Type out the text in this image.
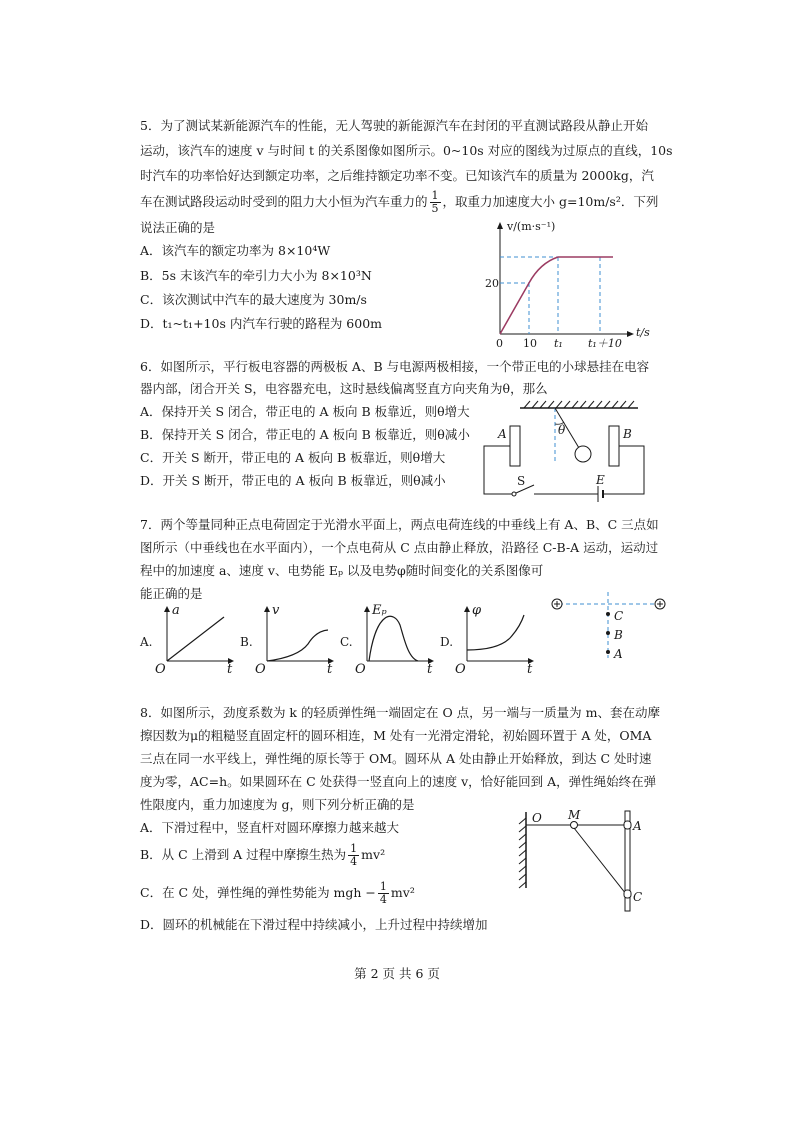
5．为了测试某新能源汽车的性能，无人驾驶的新能源汽车在封闭的平直测试路段从静止开始
运动，该汽车的速度 v 与时间 t 的关系图像如图所示。0~10s 对应的图线为过原点的直线，10s
时汽车的功率恰好达到额定功率，之后维持额定功率不变。已知该汽车的质量为 2000kg，汽
车在测试路段运动时受到的阻力大小恒为汽车重力的 $\frac{1}{5}$ ，取重力加速度大小 g=10m/s²．下列
说法正确的是
A．该汽车的额定功率为 8×10⁴W
B．5s 末该汽车的牵引力大小为 8×10³N
C．该次测试中汽车的最大速度为 30m/s
D．t₁~t₁+10s 内汽车行驶的路程为 600m
v/(m·s⁻¹)
t/s
20
0 10 t₁ t₁＋10
6．如图所示，平行板电容器的两极板 A、B 与电源两极相接，一个带正电的小球悬挂在电容
器内部，闭合开关 S，电容器充电，这时悬线偏离竖直方向夹角为θ，那么
A．保持开关 S 闭合，带正电的 A 板向 B 板靠近，则θ增大
B．保持开关 S 闭合，带正电的 A 板向 B 板靠近，则θ减小
C．开关 S 断开，带正电的 A 板向 B 板靠近，则θ增大
D．开关 S 断开，带正电的 A 板向 B 板靠近，则θ减小
θ
A	B
S	E
7．两个等量同种正点电荷固定于光滑水平面上，两点电荷连线的中垂线上有 A、B、C 三点如
图所示（中垂线也在水平面内），一个点电荷从 C 点由静止释放，沿路径 C-B-A 运动，运动过
程中的加速度 a、速度 v、电势能 Eₚ 以及电势φ随时间变化的关系图像可
能正确的是
A.
a
t
O
B.
v
t
O
C.
Eₚ
t
O
D.
φ
t
O
C
B
A
8．如图所示，劲度系数为 k 的轻质弹性绳一端固定在 O 点，另一端与一质量为 m、套在动摩
擦因数为μ的粗糙竖直固定杆的圆环相连，M 处有一光滑定滑轮，初始圆环置于 A 处，OMA
三点在同一水平线上，弹性绳的原长等于 OM。圆环从 A 处由静止开始释放，到达 C 处时速
度为零，AC=h。如果圆环在 C 处获得一竖直向上的速度 v，恰好能回到 A，弹性绳始终在弹
性限度内，重力加速度为 g，则下列分析正确的是
A．下滑过程中，竖直杆对圆环摩擦力越来越大
B．从 C 上滑到 A 过程中摩擦生热为 $\frac{1}{4} mv^2$
C．在 C 处，弹性绳的弹性势能为 mgh − $\frac{1}{4} mv^2$
D．圆环的机械能在下滑过程中持续减小，上升过程中持续增加
O M
A
C
第 2 页 共 6 页
